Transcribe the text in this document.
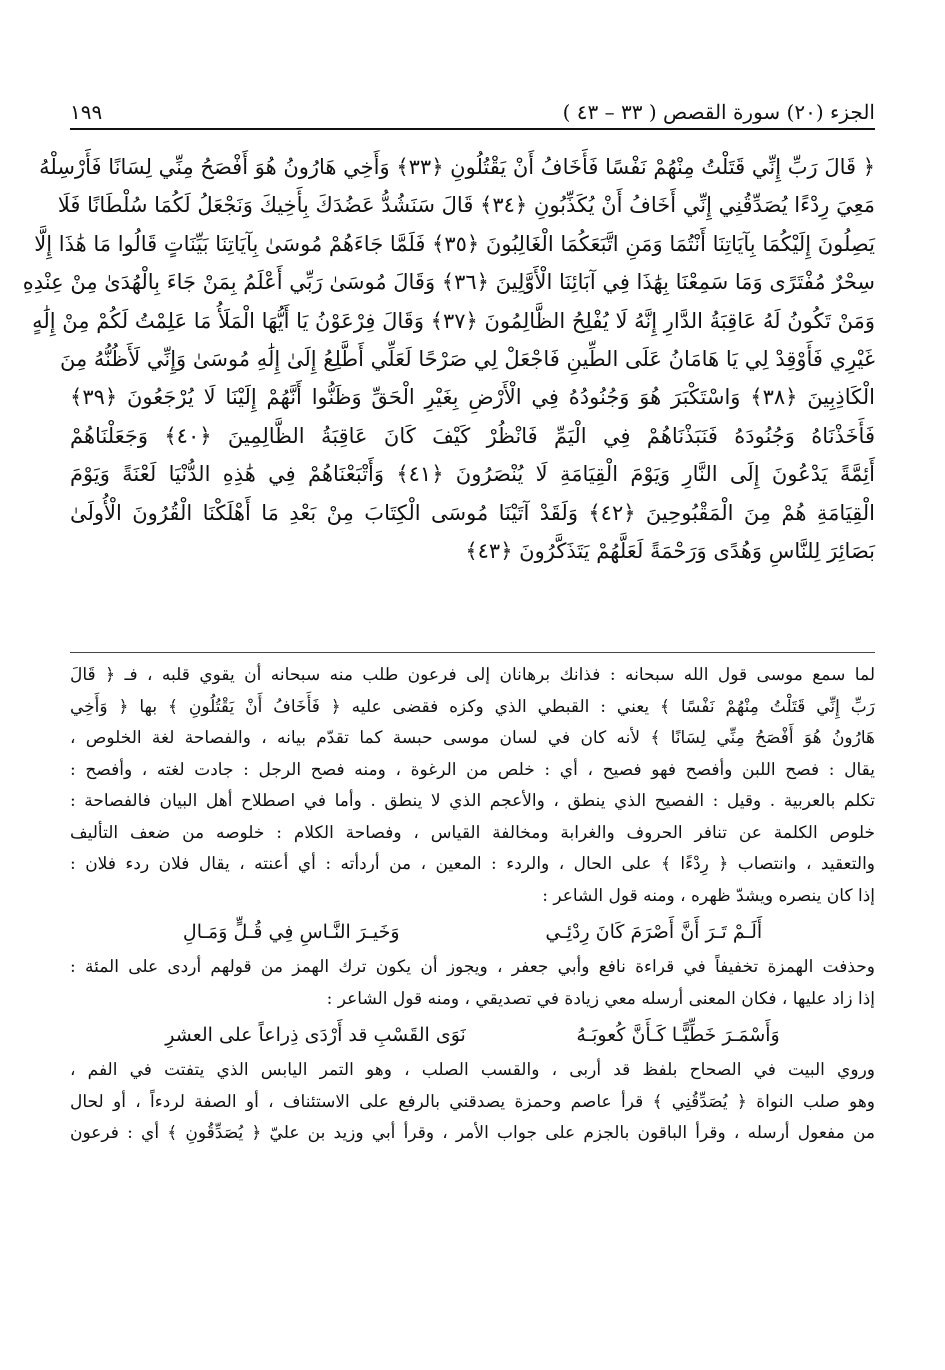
الجزء (٢٠) سورة القصص ( ٣٣ – ٤٣ )
١٩٩
﴿ قَالَ رَبِّ إِنِّي قَتَلْتُ مِنْهُمْ نَفْسًا فَأَخَافُ أَنْ يَقْتُلُونِ ﴿٣٣﴾ وَأَخِي هَارُونُ هُوَ أَفْصَحُ مِنِّي لِسَانًا فَأَرْسِلْهُ
مَعِيَ رِدْءًا يُصَدِّقُنِي إِنِّي أَخَافُ أَنْ يُكَذِّبُونِ ﴿٣٤﴾ قَالَ سَنَشُدُّ عَضُدَكَ بِأَخِيكَ وَنَجْعَلُ لَكُمَا سُلْطَانًا فَلَا
يَصِلُونَ إِلَيْكُمَا بِآيَاتِنَا أَنْتُمَا وَمَنِ اتَّبَعَكُمَا الْغَالِبُونَ ﴿٣٥﴾ فَلَمَّا جَاءَهُمْ مُوسَىٰ بِآيَاتِنَا بَيِّنَاتٍ قَالُوا مَا هَٰذَا إِلَّا
سِحْرٌ مُفْتَرًى وَمَا سَمِعْنَا بِهَٰذَا فِي آبَائِنَا الْأَوَّلِينَ ﴿٣٦﴾ وَقَالَ مُوسَىٰ رَبِّي أَعْلَمُ بِمَنْ جَاءَ بِالْهُدَىٰ مِنْ عِنْدِهِ
وَمَنْ تَكُونُ لَهُ عَاقِبَةُ الدَّارِ إِنَّهُ لَا يُفْلِحُ الظَّالِمُونَ ﴿٣٧﴾ وَقَالَ فِرْعَوْنُ يَا أَيُّهَا الْمَلَأُ مَا عَلِمْتُ لَكُمْ مِنْ إِلَٰهٍ
غَيْرِي فَأَوْقِدْ لِي يَا هَامَانُ عَلَى الطِّينِ فَاجْعَلْ لِي صَرْحًا لَعَلِّي أَطَّلِعُ إِلَىٰ إِلَٰهِ مُوسَىٰ وَإِنِّي لَأَظُنُّهُ مِنَ
الْكَاذِبِينَ ﴿٣٨﴾ وَاسْتَكْبَرَ هُوَ وَجُنُودُهُ فِي الْأَرْضِ بِغَيْرِ الْحَقِّ وَظَنُّوا أَنَّهُمْ إِلَيْنَا لَا يُرْجَعُونَ ﴿٣٩﴾
فَأَخَذْنَاهُ وَجُنُودَهُ فَنَبَذْنَاهُمْ فِي الْيَمِّ فَانْظُرْ كَيْفَ كَانَ عَاقِبَةُ الظَّالِمِينَ ﴿٤٠﴾ وَجَعَلْنَاهُمْ
أَئِمَّةً يَدْعُونَ إِلَى النَّارِ وَيَوْمَ الْقِيَامَةِ لَا يُنْصَرُونَ ﴿٤١﴾ وَأَتْبَعْنَاهُمْ فِي هَٰذِهِ الدُّنْيَا لَعْنَةً وَيَوْمَ
الْقِيَامَةِ هُمْ مِنَ الْمَقْبُوحِينَ ﴿٤٢﴾ وَلَقَدْ آتَيْنَا مُوسَى الْكِتَابَ مِنْ بَعْدِ مَا أَهْلَكْنَا الْقُرُونَ الْأُولَىٰ
بَصَائِرَ لِلنَّاسِ وَهُدًى وَرَحْمَةً لَعَلَّهُمْ يَتَذَكَّرُونَ ﴿٤٣﴾
لما سمع موسى قول الله سبحانه : فذانك برهانان إلى فرعون طلب منه سبحانه أن يقوي قلبه ، فـ ﴿ قَالَ
رَبِّ إِنِّي قَتَلْتُ مِنْهُمْ نَفْسًا ﴾ يعني : القبطي الذي وكزه فقضى عليه ﴿ فَأَخَافُ أَنْ يَقْتُلُونِ ﴾ بها ﴿ وَأَخِي
هَارُونُ هُوَ أَفْصَحُ مِنِّي لِسَانًا ﴾ لأنه كان في لسان موسى حبسة كما تقدّم بيانه ، والفصاحة لغة الخلوص ،
يقال : فصح اللبن وأفصح فهو فصيح ، أي : خلص من الرغوة ، ومنه فصح الرجل : جادت لغته ، وأفصح :
تكلم بالعربية . وقيل : الفصيح الذي ينطق ، والأعجم الذي لا ينطق . وأما في اصطلاح أهل البيان فالفصاحة :
خلوص الكلمة عن تنافر الحروف والغرابة ومخالفة القياس ، وفصاحة الكلام : خلوصه من ضعف التأليف
والتعقيد ، وانتصاب ﴿ رِدْءًا ﴾ على الحال ، والردء : المعين ، من أردأته : أي أعنته ، يقال فلان ردء فلان :
إذا كان ينصره ويشدّ ظهره ، ومنه قول الشاعر :
أَلَـمْ تَـرَ أَنَّ أَصْرَمَ كَانَ رِدْئِـي
وَخَيـرَ النَّـاسِ فِي قُـلٍّ وَمَـالِ
وحذفت الهمزة تخفيفاً في قراءة نافع وأبي جعفر ، ويجوز أن يكون ترك الهمز من قولهم أردى على المئة :
إذا زاد عليها ، فكان المعنى أرسله معي زيادة في تصديقي ، ومنه قول الشاعر :
وَأَسْمَـرَ خَطِّيًّـا كَـأَنَّ كُعوبَـهُ
نَوَى القَسْبِ قد أَرْدَى ذِراعاً على العشرِ
وروي البيت في الصحاح بلفظ قد أربى ، والقسب الصلب ، وهو التمر اليابس الذي يتفتت في الفم ،
وهو صلب النواة ﴿ يُصَدِّقُنِي ﴾ قرأ عاصم وحمزة يصدقني بالرفع على الاستئناف ، أو الصفة لردءاً ، أو لحال
من مفعول أرسله ، وقرأ الباقون بالجزم على جواب الأمر ، وقرأ أبي وزيد بن عليّ ﴿ يُصَدِّقُونِ ﴾ أي : فرعون
